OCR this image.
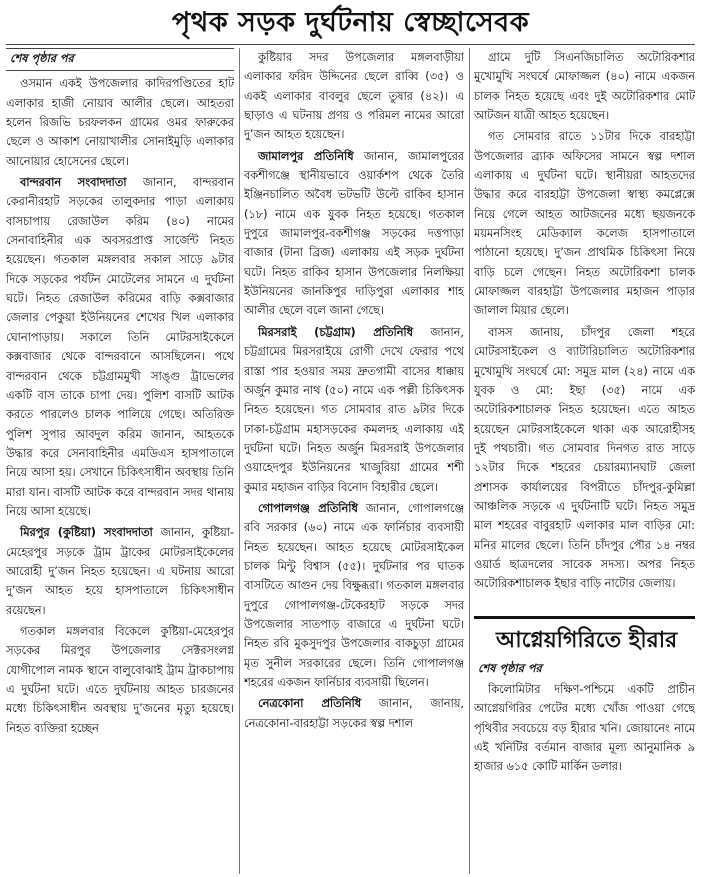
পৃথক সড়ক দুর্ঘটনায় স্বেচ্ছাসেবক
শেষ পৃষ্ঠার পর

ওসমান একই উপজেলার কাদিরপণ্ডিতের হাট এলাকার হাজী নোয়াব আলীর ছেলে। আহতরা হলেন রিজভি চরফলকন গ্রামের ওমর ফারুকের ছেলে ও আকাশ নোয়াখালীর সোনাইমুড়ি এলাকার আনোয়ার হোসেনের ছেলে।

বান্দরবান সংবাদদাতা জানান, বান্দরবান কেরানীরহাট সড়কের তালুকদার পাড়া এলাকায় বাসচাপায় রেজাউল করিম (৪০) নামের সেনাবাহিনীর এক অবসরপ্রাপ্ত সার্জেন্ট নিহত হয়েছেন। গতকাল মঙ্গলবার সকাল সাড়ে ৯টার দিকে সড়কের পর্যটন মোটেলের সামনে এ দুর্ঘটনা ঘটে। নিহত রেজাউল করিমের বাড়ি কক্সবাজার জেলার পেকুয়া ইউনিয়নের শেখের খিল এলাকার ঘোনাপাড়ায়। সকালে তিনি মোটরসাইকেলে কক্সবাজার থেকে বান্দরবানে আসছিলেন। পথে বান্দরবান থেকে চট্টগ্রামমুখী সাঙ্গু ট্রাভেলের একটি বাস তাকে চাপা দেয়। পুলিশ বাসটি আটক করতে পারলেও চালক পালিয়ে গেছে। অতিরিক্ত পুলিশ সুপার আবদুল করিম জানান, আহতকে উদ্ধার করে সেনাবাহিনীর এমডিএস হাসপাতালে নিয়ে আসা হয়। সেখানে চিকিৎসাধীন অবস্থায় তিনি মারা যান। বাসটি আটক করে বান্দরবান সদর থানায় নিয়ে আসা হয়েছে।

মিরপুর (কুষ্টিয়া) সংবাদদাতা জানান, কুষ্টিয়া-মেহেরপুর সড়কে ট্রাম ট্রাকের মোটরসাইকেলের আরোহী দু’জন নিহত হয়েছেন। এ ঘটনায় আরো দু’জন আহত হয়ে হাসপাতালে চিকিৎসাধীন রয়েছেন।

গতকাল মঙ্গলবার বিকেলে কুষ্টিয়া-মেহেরপুর সড়কের মিরপুর উপজেলার সেক্টরসংলগ্ন যোগীপোল নামক স্থানে বালুবোঝাই ট্রাম ট্রাকচাপায় এ দুর্ঘটনা ঘটে। এতে দুর্ঘটনায় আহত চারজনের মধ্যে চিকিৎসাধীন অবস্থায় দু’জনের মৃত্যু হয়েছে। নিহত ব্যক্তিরা হচ্ছেন

কুষ্টিয়ার সদর উপজেলার মঙ্গলবাড়ীয়া এলাকার ফরিদ উদ্দিনের ছেলে রাব্বি (৩৫) ও একই এলাকার বাবলুর ছেলে তুষার (৪২)। এ ছাড়াও এ ঘটনায় প্রণয় ও পরিমল নামের আরো দু’জন আহত হয়েছেন।

জামালপুর প্রতিনিধি জানান, জামালপুরের বকশীগঞ্জে স্থানীয়ভাবে ওয়ার্কশপ থেকে তৈরি ইঞ্জিনচালিত অবৈধ ভটভটি উল্টে রাকিব হাসান (১৮) নামে এক যুবক নিহত হয়েছে। গতকাল দুপুরে জামালপুর-বকশীগঞ্জ সড়কের দত্তপাড়া বাজার (টানা ব্রিজ) এলাকায় এই সড়ক দুর্ঘটনা ঘটে। নিহত রাকিব হাসান উপজেলার নিলক্ষিয়া ইউনিয়নের জানকিপুর দাড়িপুরা এলাকার শাহ আলীর ছেলে বলে জানা গেছে।

মিরসরাই (চট্টগ্রাম) প্রতিনিধি জানান, চট্টগ্রামের মিরসরাইয়ে রোগী দেখে ফেরার পথে রাস্তা পার হওয়ার সময় দ্রুতগামী বাসের ধাক্কায় অর্জুন কুমার নাথ (৫০) নামে এক পল্লী চিকিৎসক নিহত হয়েছেন। গত সোমবার রাত ৯টার দিকে ঢাকা-চট্টগ্রাম মহাসড়কের কমলদহ এলাকায় এই দুর্ঘটনা ঘটে। নিহত অর্জুন মিরসরাই উপজেলার ওয়াহেদপুর ইউনিয়নের খাজুরিয়া গ্রামের শশী কুমার মহাজন বাড়ির বিনোদ বিহারীর ছেলে।

গোপালগঞ্জ প্রতিনিধি জানান, গোপালগঞ্জে রবি সরকার (৬০) নামে এক ফার্নিচার ব্যবসায়ী নিহত হয়েছেন। আহত হয়েছে মোটরসাইকেল চালক মিন্টু বিশ্বাস (৫৫)। দুর্ঘটনার পর ঘাতক বাসটিতে আগুন দেয় বিক্ষুব্ধরা। গতকাল মঙ্গলবার দুপুরে গোপালগঞ্জ-টেকেরহাট সড়কে সদর উপজেলার সাতপাড় বাজারে এ দুর্ঘটনা ঘটে। নিহত রবি মুকসুদপুর উপজেলার বাকচুড়া গ্রামের মৃত সুনীল সরকারের ছেলে। তিনি গোপালগঞ্জ শহরের একজন ফার্নিচার ব্যবসায়ী ছিলেন।

নেত্রকোনা প্রতিনিধি জানান, জানায়, নেত্রকোনা-বারহাট্টা সড়কের স্বল্প দশাল

গ্রামে দুটি সিএনজিচালিত অটোরিকশার মুখোমুখি সংঘর্ষে মোফাজ্জল (৪০) নামে একজন চালক নিহত হয়েছে এবং দুই অটোরিকশার মোট আটজন যাত্রী আহত হয়েছেন।

গত সোমবার রাতে ১১টার দিকে বারহাট্টা উপজেলার ব্র্যাক অফিসের সামনে স্বল্প দশাল এলাকায় এ দুর্ঘটনা ঘটে। স্থানীয়রা আহতদের উদ্ধার করে বারহাট্টা উপজেলা স্বাস্থ্য কমপ্লেক্সে নিয়ে গেলে আহত আটজনের মধ্যে ছয়জনকে ময়মনসিংহ মেডিক্যাল কলেজ হাসপাতালে পাঠানো হয়েছে। দু’জন প্রাথমিক চিকিৎসা নিয়ে বাড়ি চলে গেছেন। নিহত অটোরিকশা চালক মোফাজ্জল বারহাট্টা উপজেলার মহাজন পাড়ার জালাল মিয়ার ছেলে।

বাসস জানায়, চাঁদপুর জেলা শহরে মোটরসাইকেল ও ব্যাটারিচালিত অটোরিকশার মুখোমুখি সংঘর্ষে মো: সমুদ্র মাল (২৪) নামে এক যুবক ও মো: ইছা (৩৫) নামে এক অটোরিকশাচালক নিহত হয়েছেন। এতে আহত হয়েছেন মোটরসাইকেলে থাকা এক আরোহীসহ দুই পথচারী। গত সোমবার দিনগত রাত সাড়ে ১২টার দিকে শহরের চেয়ারম্যানঘাট জেলা প্রশাসক কার্যালয়ের বিপরীতে চাঁদপুর-কুমিল্লা আঞ্চলিক সড়কে এ দুর্ঘটনাটি ঘটে। নিহত সমুদ্র মাল শহরের বাবুরহাট এলাকার মাল বাড়ির মো: মনির মালের ছেলে। তিনি চাঁদপুর পৌর ১৪ নম্বর ওয়ার্ড ছাত্রদলের সাবেক সদস্য। অপর নিহত অটোরিকশাচালক ইছার বাড়ি নাটোর জেলায়।

আগ্নেয়গিরিতে হীরার
শেষ পৃষ্ঠার পর

কিলোমিটার দক্ষিণ-পশ্চিমে একটি প্রাচীন আগ্নেয়গিরির পেটের মধ্যে খোঁজ পাওয়া গেছে পৃথিবীর সবচেয়ে বড় হীরার খনি। জোয়ানেং নামে এই খনিটির বর্তমান বাজার মূল্য আনুমানিক ৯ হাজার ৬১৫ কোটি মার্কিন ডলার।
